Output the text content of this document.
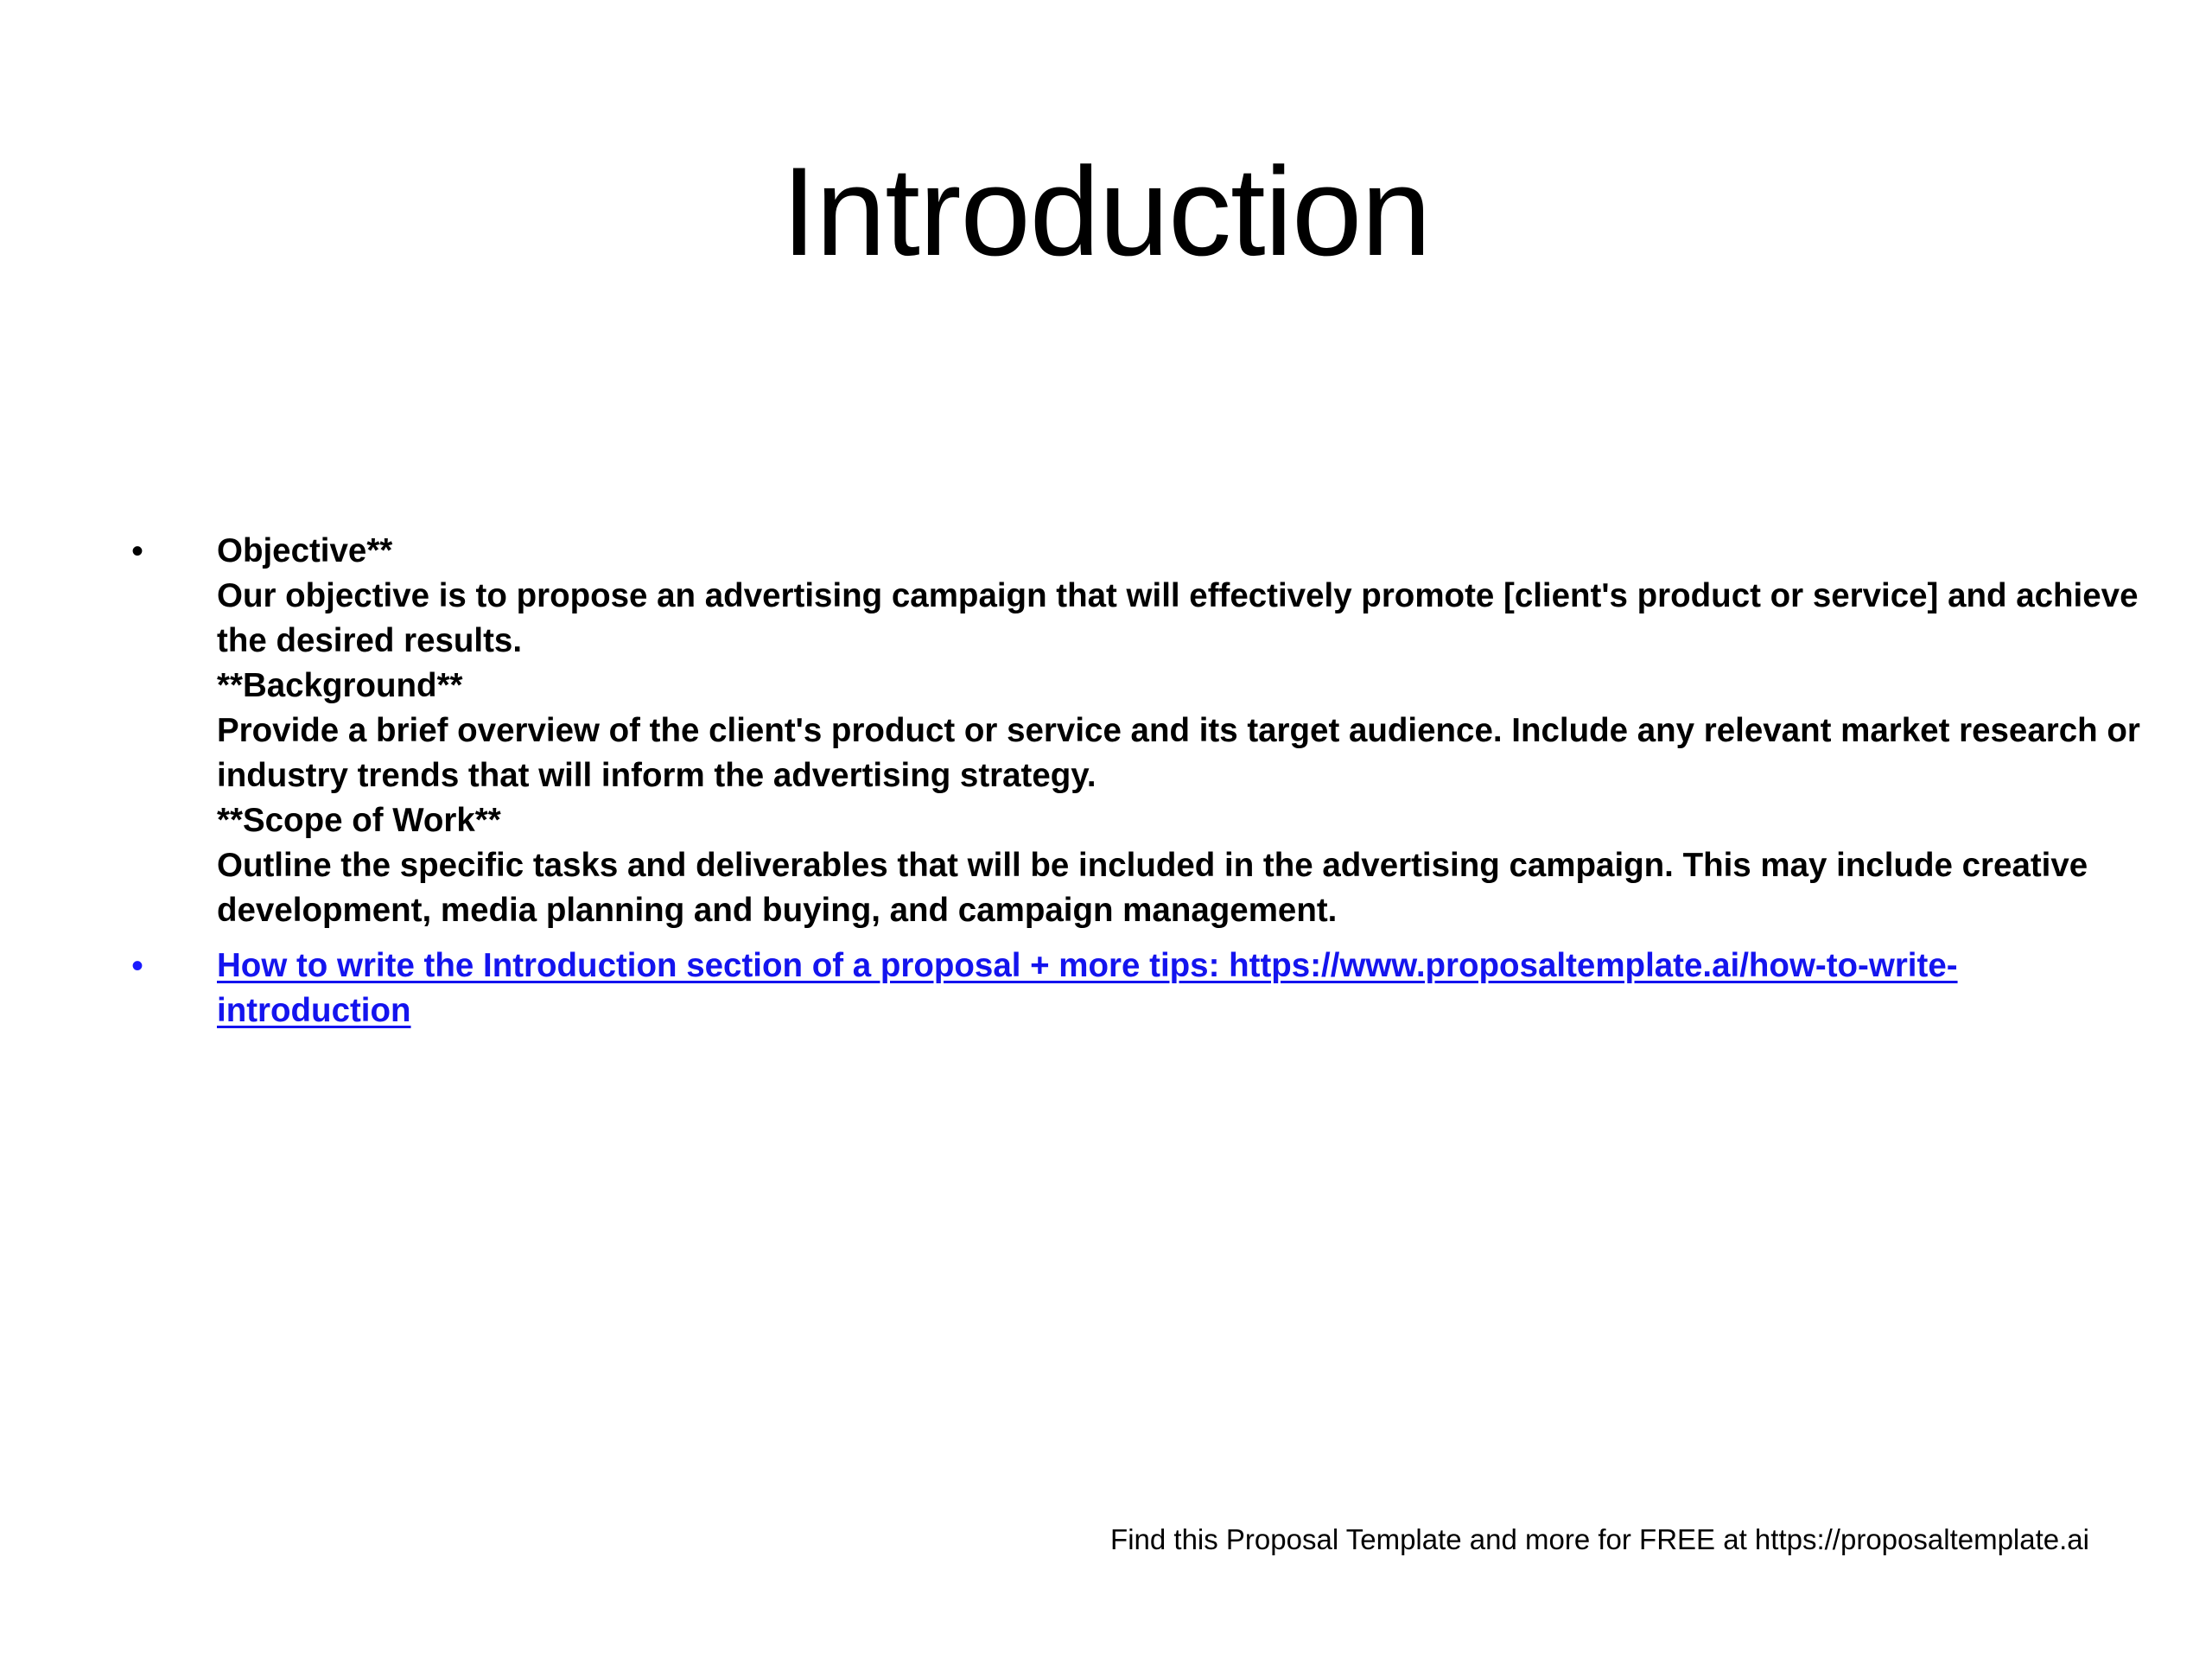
Introduction
• Objective**
Our objective is to propose an advertising campaign that will effectively promote [client's product or service] and achieve
the desired results.
**Background**
Provide a brief overview of the client's product or service and its target audience. Include any relevant market research or
industry trends that will inform the advertising strategy.
**Scope of Work**
Outline the specific tasks and deliverables that will be included in the advertising campaign. This may include creative
development, media planning and buying, and campaign management.
• How to write the Introduction section of a proposal + more tips: https://www.proposaltemplate.ai/how-to-write-
introduction
Find this Proposal Template and more for FREE at https://proposaltemplate.ai
